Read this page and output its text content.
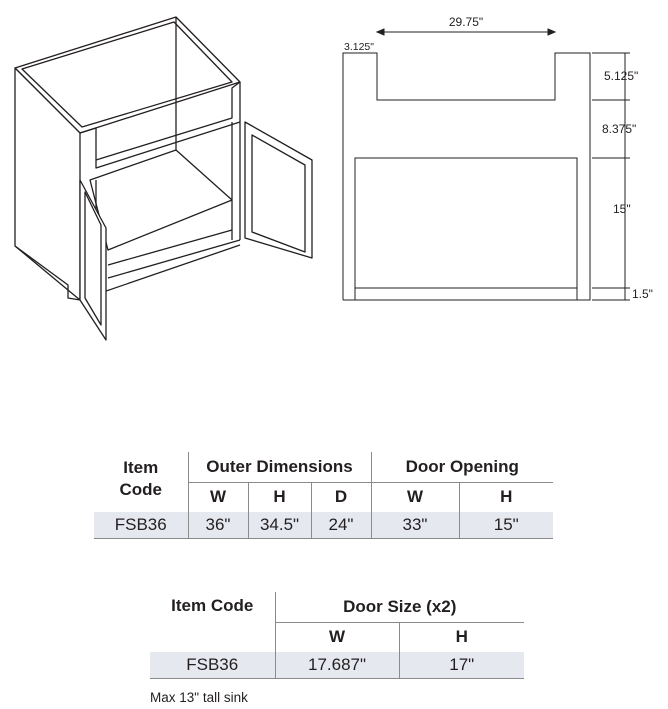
29.75"
3.125"
5.125"
8.375"
15"
1.5"
Item
Code	Outer Dimensions			Door Opening	
	W	H	D	W	H
FSB36	36"	34.5"	24"	33"	15"
Item Code	Door Size (x2)	
	W	H
FSB36	17.687"	17"
Max 13" tall sink
